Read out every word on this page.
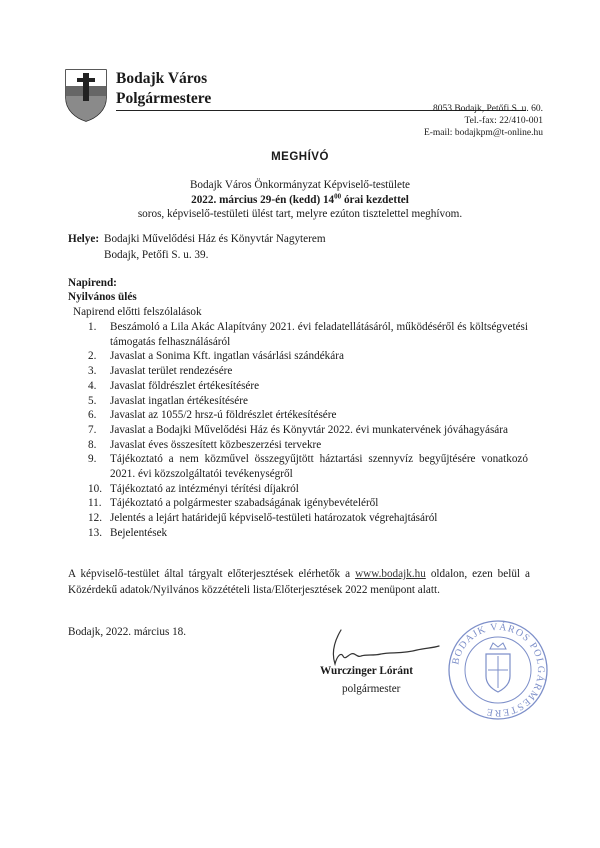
Bodajk Város
Polgármestere
8053 Bodajk, Petőfi S. u. 60.
Tel.-fax: 22/410-001
E-mail: bodajkpm@t-online.hu
MEGHÍVÓ
Bodajk Város Önkormányzat Képviselő-testülete
2022. március 29-én (kedd) $14^{00}$ órai kezdettel
soros, képviselő-testületi ülést tart, melyre ezúton tisztelettel meghívom.
Helye: Bodajki Művelődési Ház és Könyvtár Nagyterem
Bodajk, Petőfi S. u. 39.
Napirend:
Nyilvános ülés
Napirend előtti felszólalások
1. Beszámoló a Lila Akác Alapítvány 2021. évi feladatellátásáról, működéséről és költségvetési támogatás felhasználásáról
2. Javaslat a Sonima Kft. ingatlan vásárlási szándékára
3. Javaslat terület rendezésére
4. Javaslat földrészlet értékesítésére
5. Javaslat ingatlan értékesítésére
6. Javaslat az 1055/2 hrsz-ú földrészlet értékesítésére
7. Javaslat a Bodajki Művelődési Ház és Könyvtár 2022. évi munkatervének jóváhagyására
8. Javaslat éves összesített közbeszerzési tervekre
9. Tájékoztató a nem közművel összegyűjtött háztartási szennyvíz begyűjtésére vonatkozó 2021. évi közszolgáltatói tevékenységről
10. Tájékoztató az intézményi térítési díjakról
11. Tájékoztató a polgármester szabadságának igénybevételéről
12. Jelentés a lejárt határidejű képviselő-testületi határozatok végrehajtásáról
13. Bejelentések
A képviselő-testület által tárgyalt előterjesztések elérhetők a www.bodajk.hu oldalon, ezen belül a Közérdekű adatok/Nyilvános közzétételi lista/Előterjesztések 2022 menüpont alatt.
Bodajk, 2022. március 18.
Wurczinger Lóránt
polgármester
BODAJK VÁROS POLGÁRMESTERE
